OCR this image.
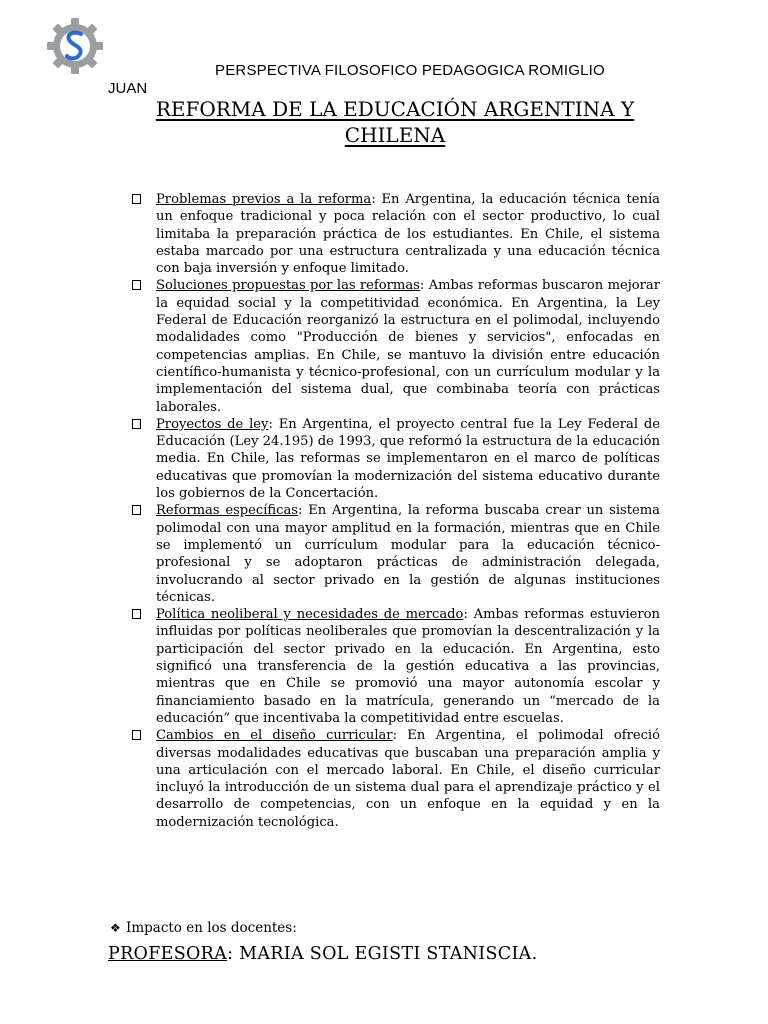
PERSPECTIVA FILOSOFICO PEDAGOGICA ROMIGLIO
JUAN
REFORMA DE LA EDUCACIÓN ARGENTINA Y
CHILENA

Problemas previos a la reforma: En Argentina, la educación técnica tenía un enfoque tradicional y poca relación con el sector productivo, lo cual limitaba la preparación práctica de los estudiantes. En Chile, el sistema estaba marcado por una estructura centralizada y una educación técnica con baja inversión y enfoque limitado.

Soluciones propuestas por las reformas: Ambas reformas buscaron mejorar la equidad social y la competitividad económica. En Argentina, la Ley Federal de Educación reorganizó la estructura en el polimodal, incluyendo modalidades como "Producción de bienes y servicios", enfocadas en competencias amplias. En Chile, se mantuvo la división entre educación científico-humanista y técnico-profesional, con un currículum modular y la implementación del sistema dual, que combinaba teoría con prácticas laborales.

Proyectos de ley: En Argentina, el proyecto central fue la Ley Federal de Educación (Ley 24.195) de 1993, que reformó la estructura de la educación media. En Chile, las reformas se implementaron en el marco de políticas educativas que promovían la modernización del sistema educativo durante los gobiernos de la Concertación.

Reformas específicas: En Argentina, la reforma buscaba crear un sistema polimodal con una mayor amplitud en la formación, mientras que en Chile se implementó un currículum modular para la educación técnico-profesional y se adoptaron prácticas de administración delegada, involucrando al sector privado en la gestión de algunas instituciones técnicas.

Política neoliberal y necesidades de mercado: Ambas reformas estuvieron influidas por políticas neoliberales que promovían la descentralización y la participación del sector privado en la educación. En Argentina, esto significó una transferencia de la gestión educativa a las provincias, mientras que en Chile se promovió una mayor autonomía escolar y financiamiento basado en la matrícula, generando un “mercado de la educación” que incentivaba la competitividad entre escuelas.

Cambios en el diseño curricular: En Argentina, el polimodal ofreció diversas modalidades educativas que buscaban una preparación amplia y una articulación con el mercado laboral. En Chile, el diseño curricular incluyó la introducción de un sistema dual para el aprendizaje práctico y el desarrollo de competencias, con un enfoque en la equidad y en la modernización tecnológica.

❖ Impacto en los docentes:
PROFESORA: MARIA SOL EGISTI STANISCIA.
